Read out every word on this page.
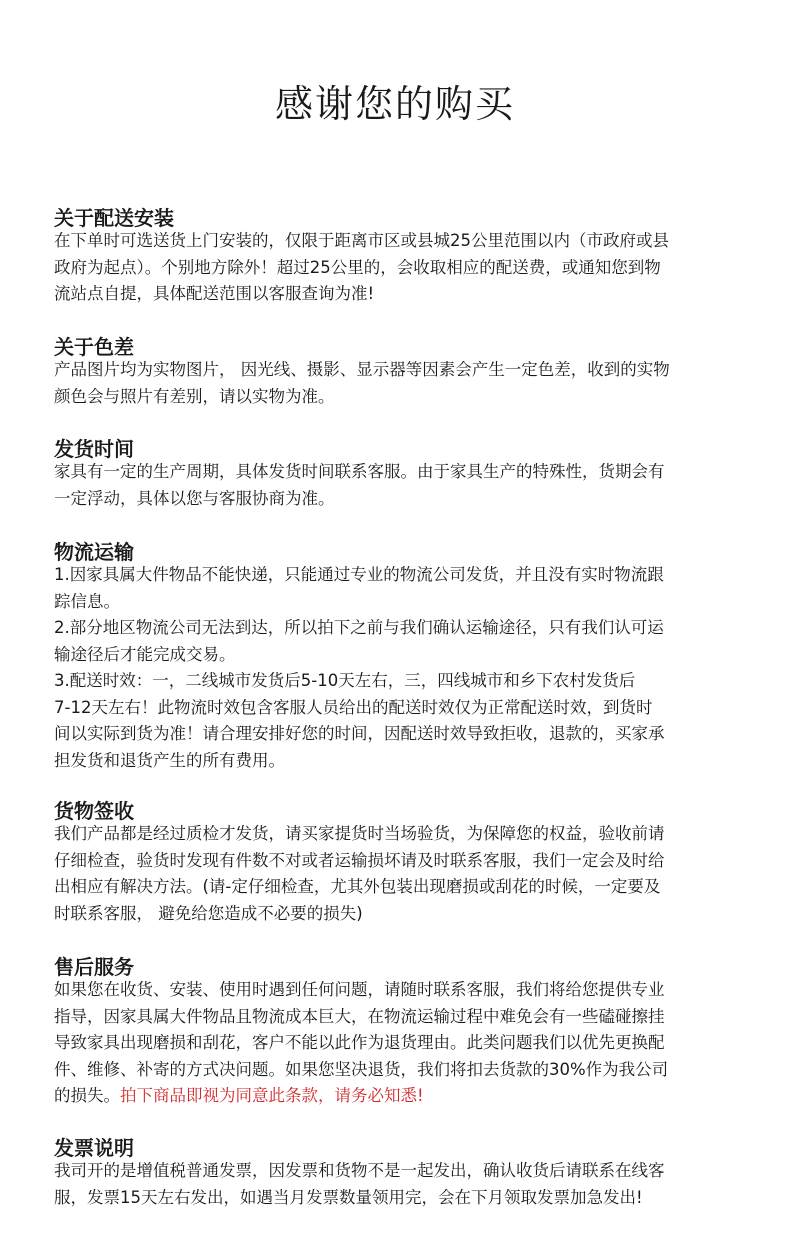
感谢您的购买
关于配送安装

在下单时可选送货上门安装的，仅限于距离市区或县城25公里范围以内（市政府或县

政府为起点）。个别地方除外！超过25公里的，会收取相应的配送费，或通知您到物

流站点自提，具体配送范围以客服查询为准!

关于色差

产品图片均为实物图片， 因光线、摄影、显示器等因素会产生一定色差，收到的实物

颜色会与照片有差别，请以实物为准。

发货时间

家具有一定的生产周期，具体发货时间联系客服。由于家具生产的特殊性，货期会有

一定浮动，具体以您与客服协商为准。

物流运输

1.因家具属大件物品不能快递，只能通过专业的物流公司发货，并且没有实时物流跟

踪信息。

2.部分地区物流公司无法到达，所以拍下之前与我们确认运输途径，只有我们认可运

输途径后才能完成交易。

3.配送时效：一，二线城市发货后5-10天左右，三，四线城市和乡下农村发货后

7-12天左右！此物流时效包含客服人员给出的配送时效仅为正常配送时效，到货时

间以实际到货为准！请合理安排好您的时间，因配送时效导致拒收，退款的，买家承

担发货和退货产生的所有费用。

货物签收

我们产品都是经过质检才发货，请买家提货时当场验货，为保障您的权益，验收前请

仔细检查，验货时发现有件数不对或者运输损坏请及时联系客服，我们一定会及时给

出相应有解决方法。(请-定仔细检查，尤其外包装出现磨损或刮花的时候，一定要及

时联系客服， 避免给您造成不必要的损失)

售后服务

如果您在收货、安装、使用时遇到任何问题，请随时联系客服，我们将给您提供专业

指导，因家具属大件物品且物流成本巨大，在物流运输过程中难免会有一些磕碰擦挂

导致家具出现磨损和刮花，客户不能以此作为退货理由。此类问题我们以优先更换配

件、维修、补寄的方式决问题。如果您坚决退货，我们将扣去货款的30%作为我公司

的损失。拍下商品即视为同意此条款，请务必知悉!

发票说明

我司开的是增值税普通发票，因发票和货物不是一起发出，确认收货后请联系在线客

服，发票15天左右发出，如遇当月发票数量领用完，会在下月领取发票加急发出!
